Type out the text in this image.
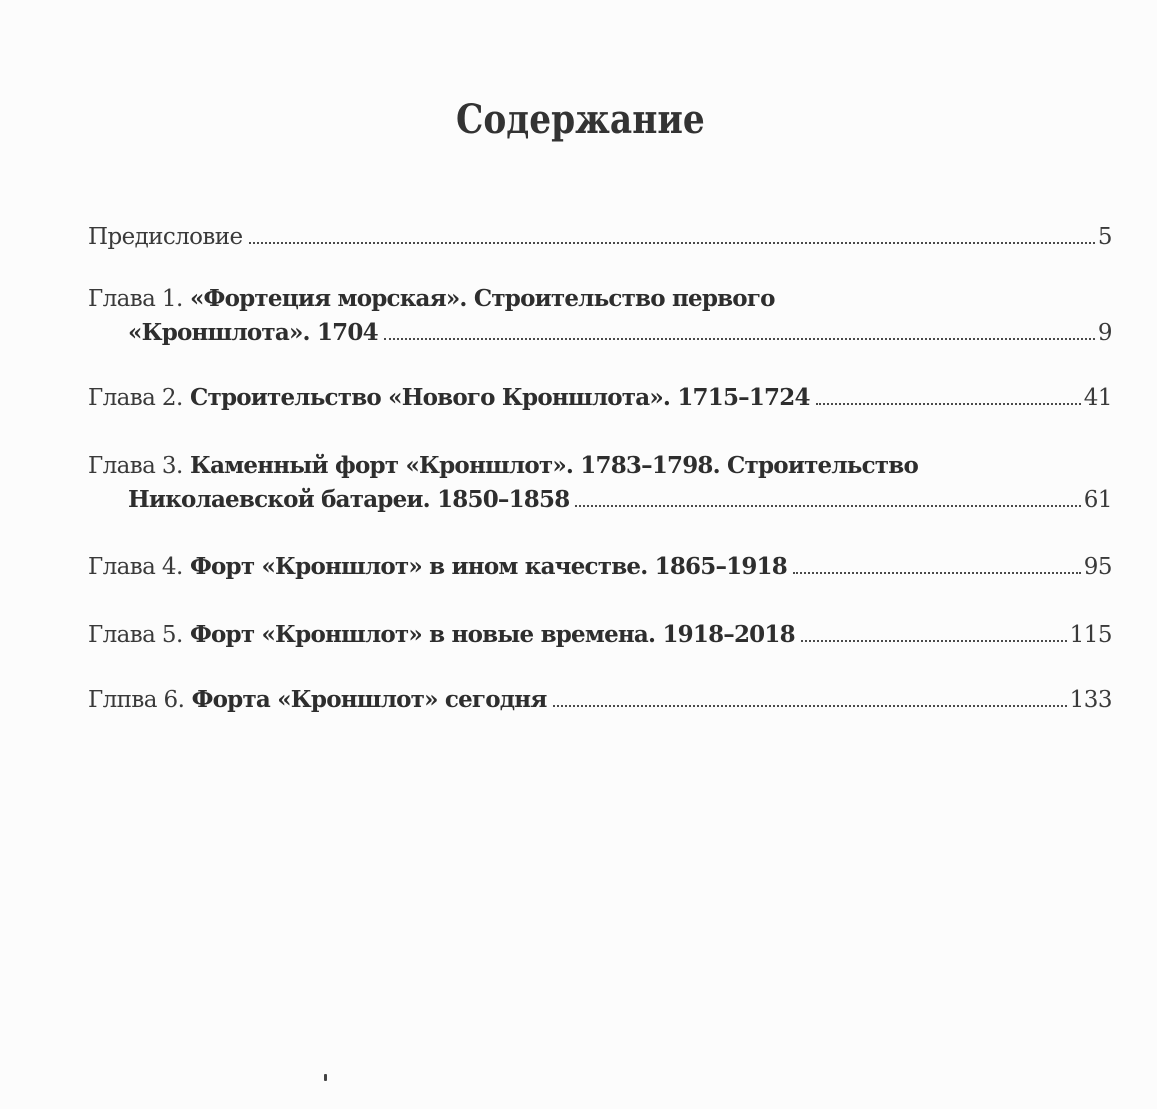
Содержание
Предисловие	5
Глава 1.
«Фортеция морская». Строительство первого
«Кроншлота». 1704	9
Глава 2.
Строительство «Нового Кроншлота». 1715–1724	41
Глава 3.
Каменный форт «Кроншлот». 1783–1798. Строительство
Николаевской батареи. 1850–1858	61
Глава 4.
Форт «Кроншлот» в ином качестве. 1865–1918	95
Глава 5.
Форт «Кроншлот» в новые времена. 1918–2018	115
Глпва 6.
Форта «Кроншлот» сегодня	133
